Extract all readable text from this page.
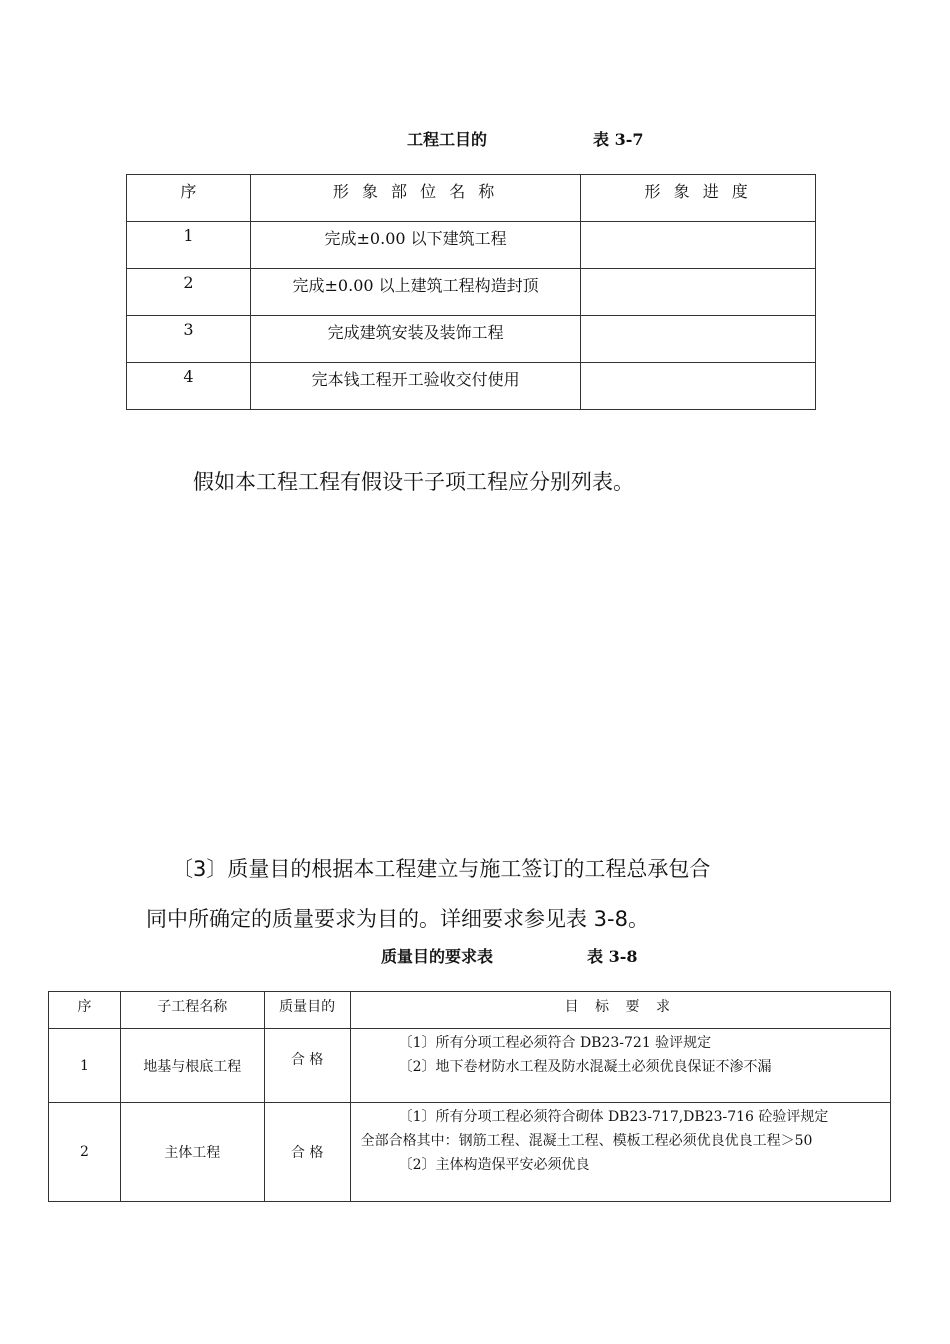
工程工目的	表 3-7
序	形 象 部 位 名 称	形 象 进 度
1	完成±0.00 以下建筑工程	
2	完成±0.00 以上建筑工程构造封顶	
3	完成建筑安装及装饰工程	
4	完本钱工程开工验收交付使用	

假如本工程工程有假设干子项工程应分别列表。

〔3〕质量目的根据本工程建立与施工签订的工程总承包合

同中所确定的质量要求为目的。详细要求参见表 3-8。

质量目的要求表	表 3-8
序	子工程名称	质量目的	目 标 要 求
1	地基与根底工程	合 格	〔1〕所有分项工程必须符合 DB23-721 验评规定
〔2〕地下卷材防水工程及防水混凝土必须优良保证不渗不漏

2	主体工程	合 格	〔1〕所有分项工程必须符合砌体 DB23-717,DB23-716 砼验评规定
全部合格其中：钢筋工程、混凝土工程、模板工程必须优良优良工程＞50
〔2〕主体构造保平安必须优良
